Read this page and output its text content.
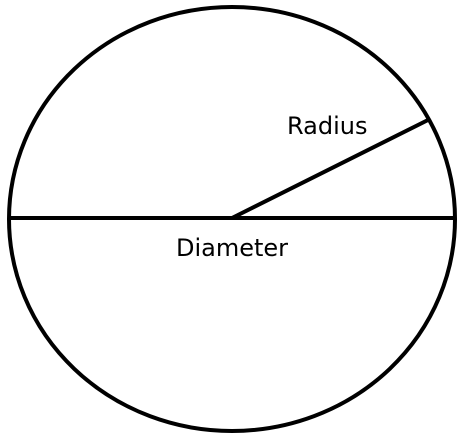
Radius
Diameter
